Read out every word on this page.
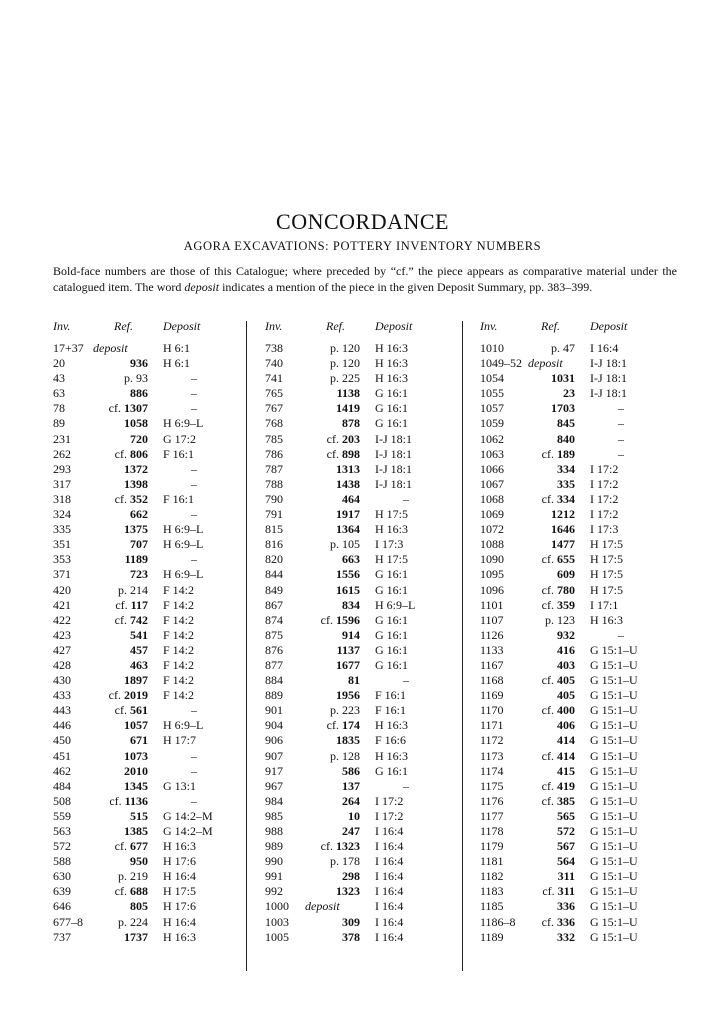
CONCORDANCE
AGORA EXCAVATIONS: POTTERY INVENTORY NUMBERS
Bold-face numbers are those of this Catalogue; where preceded by “cf.” the piece appears as comparative material under the catalogued item. The word deposit indicates a mention of the piece in the given Deposit Summary, pp. 383–399.
Inv.	Ref.	Deposit
17+37 deposit	H 6:1
20	936 H 6:1
43	p. 93	–
63	886	–
78	cf. 1307	–
89	1058 H 6:9–L
231	720 G 17:2
262	cf. 806 F 16:1
293	1372	–
317	1398	–
318	cf. 352 F 16:1
324	662	–
335	1375 H 6:9–L
351	707 H 6:9–L
353	1189	–
371	723 H 6:9–L
420	p. 214 F 14:2
421	cf. 117 F 14:2
422	cf. 742 F 14:2
423	541 F 14:2
427	457 F 14:2
428	463 F 14:2
430	1897 F 14:2
433	cf. 2019 F 14:2
443	cf. 561	–
446	1057 H 6:9–L
450	671 H 17:7
451	1073	–
462	2010	–
484	1345 G 13:1
508	cf. 1136	–
559	515 G 14:2–M
563	1385 G 14:2–M
572	cf. 677 H 16:3
588	950 H 17:6
630	p. 219 H 16:4
639	cf. 688 H 17:5
646	805 H 17:6
677–8	p. 224 H 16:4
737	1737 H 16:3
Inv.	Ref.	Deposit
738	p. 120 H 16:3
740	p. 120 H 16:3
741	p. 225 H 16:3
765	1138 G 16:1
767	1419 G 16:1
768	878 G 16:1
785	cf. 203 I-J 18:1
786	cf. 898 I-J 18:1
787	1313 I-J 18:1
788	1438 I-J 18:1
790	464	–
791	1917 H 17:5
815	1364 H 16:3
816	p. 105 I 17:3
820	663 H 17:5
844	1556 G 16:1
849	1615 G 16:1
867	834 H 6:9–L
874	cf. 1596 G 16:1
875	914 G 16:1
876	1137 G 16:1
877	1677 G 16:1
884	81	–
889	1956 F 16:1
901	p. 223 F 16:1
904	cf. 174 H 16:3
906	1835 F 16:6
907	p. 128 H 16:3
917	586 G 16:1
967	137	–
984	264 I 17:2
985	10 I 17:2
988	247 I 16:4
989	cf. 1323 I 16:4
990	p. 178 I 16:4
991	298 I 16:4
992	1323 I 16:4
1000 deposit	I 16:4
1003	309 I 16:4
1005	378 I 16:4
Inv.	Ref.	Deposit
1010	p. 47 I 16:4
1049–52 deposit I-J 18:1
1054	1031 I-J 18:1
1055	23 I-J 18:1
1057	1703	–
1059	845	–
1062	840	–
1063	cf. 189	–
1066	334 I 17:2
1067	335 I 17:2
1068	cf. 334 I 17:2
1069	1212 I 17:2
1072	1646 I 17:3
1088	1477 H 17:5
1090	cf. 655 H 17:5
1095	609 H 17:5
1096	cf. 780 H 17:5
1101	cf. 359 I 17:1
1107	p. 123 H 16:3
1126	932	–
1133	416 G 15:1–U
1167	403 G 15:1–U
1168	cf. 405 G 15:1–U
1169	405 G 15:1–U
1170	cf. 400 G 15:1–U
1171	406 G 15:1–U
1172	414 G 15:1–U
1173	cf. 414 G 15:1–U
1174	415 G 15:1–U
1175	cf. 419 G 15:1–U
1176	cf. 385 G 15:1–U
1177	565 G 15:1–U
1178	572 G 15:1–U
1179	567 G 15:1–U
1181	564 G 15:1–U
1182	311 G 15:1–U
1183	cf. 311 G 15:1–U
1185	336 G 15:1–U
1186–8	cf. 336 G 15:1–U
1189	332 G 15:1–U
